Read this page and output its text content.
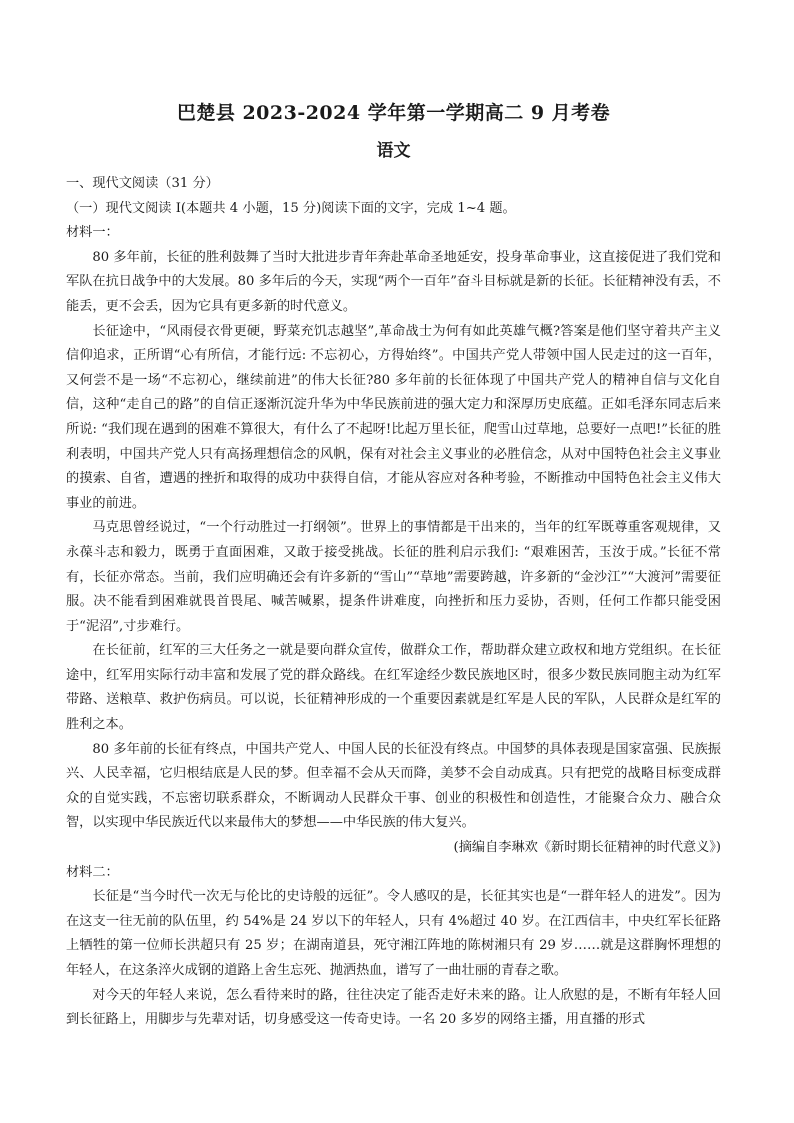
巴楚县 2023-2024 学年第一学期高二 9 月考卷
语文

一、现代文阅读（31 分）

（一）现代文阅读 I(本题共 4 小题，15 分)阅读下面的文字，完成 1~4 题。

材料一：

80 多年前，长征的胜利鼓舞了当时大批进步青年奔赴革命圣地延安，投身革命事业，这直接促进了我们党和军队在抗日战争中的大发展。80 多年后的今天，实现“两个一百年”奋斗目标就是新的长征。长征精神没有丢，不能丢，更不会丢，因为它具有更多新的时代意义。

长征途中，“风雨侵衣骨更硬，野菜充饥志越坚”,革命战士为何有如此英雄气概?答案是他们坚守着共产主义信仰追求，正所谓“心有所信，才能行远: 不忘初心，方得始终”。中国共产党人带领中国人民走过的这一百年，又何尝不是一场“不忘初心，继续前进”的伟大长征?80 多年前的长征体现了中国共产党人的精神自信与文化自信，这种“走自己的路”的自信正逐渐沉淀升华为中华民族前进的强大定力和深厚历史底蕴。正如毛泽东同志后来所说: “我们现在遇到的困难不算很大，有什么了不起呀!比起万里长征，爬雪山过草地，总要好一点吧!”长征的胜利表明，中国共产党人只有高扬理想信念的风帆，保有对社会主义事业的必胜信念，从对中国特色社会主义事业的摸索、自省，遭遇的挫折和取得的成功中获得自信，才能从容应对各种考验，不断推动中国特色社会主义伟大事业的前进。

马克思曾经说过，“一个行动胜过一打纲领”。世界上的事情都是干出来的，当年的红军既尊重客观规律，又永葆斗志和毅力，既勇于直面困难，又敢于接受挑战。长征的胜利启示我们: “艰难困苦，玉汝于成。”长征不常有，长征亦常态。当前，我们应明确还会有许多新的“雪山”“草地”需要跨越，许多新的“金沙江”“大渡河”需要征服。决不能看到困难就畏首畏尾、喊苦喊累，提条件讲难度，向挫折和压力妥协，否则，任何工作都只能受困于“泥沼”,寸步难行。

在长征前，红军的三大任务之一就是要向群众宣传，做群众工作，帮助群众建立政权和地方党组织。在长征途中，红军用实际行动丰富和发展了党的群众路线。在红军途经少数民族地区时，很多少数民族同胞主动为红军带路、送粮草、救护伤病员。可以说，长征精神形成的一个重要因素就是红军是人民的军队，人民群众是红军的胜利之本。

80 多年前的长征有终点，中国共产党人、中国人民的长征没有终点。中国梦的具体表现是国家富强、民族振兴、人民幸福，它归根结底是人民的梦。但幸福不会从天而降，美梦不会自动成真。只有把党的战略目标变成群众的自觉实践，不忘密切联系群众，不断调动人民群众干事、创业的积极性和创造性，才能聚合众力、融合众智，以实现中华民族近代以来最伟大的梦想——中华民族的伟大复兴。

(摘编自李琳欢《新时期长征精神的时代意义》)

材料二：

长征是“当今时代一次无与伦比的史诗般的远征”。令人感叹的是，长征其实也是“一群年轻人的进发”。因为在这支一往无前的队伍里，约 54%是 24 岁以下的年轻人，只有 4%超过 40 岁。在江西信丰，中央红军长征路上牺牲的第一位师长洪超只有 25 岁；在湖南道县，死守湘江阵地的陈树湘只有 29 岁……就是这群胸怀理想的年轻人，在这条淬火成钢的道路上舍生忘死、抛洒热血，谱写了一曲壮丽的青春之歌。

对今天的年轻人来说，怎么看待来时的路，往往决定了能否走好未来的路。让人欣慰的是，不断有年轻人回到长征路上，用脚步与先辈对话，切身感受这一传奇史诗。一名 20 多岁的网络主播，用直播的形式
